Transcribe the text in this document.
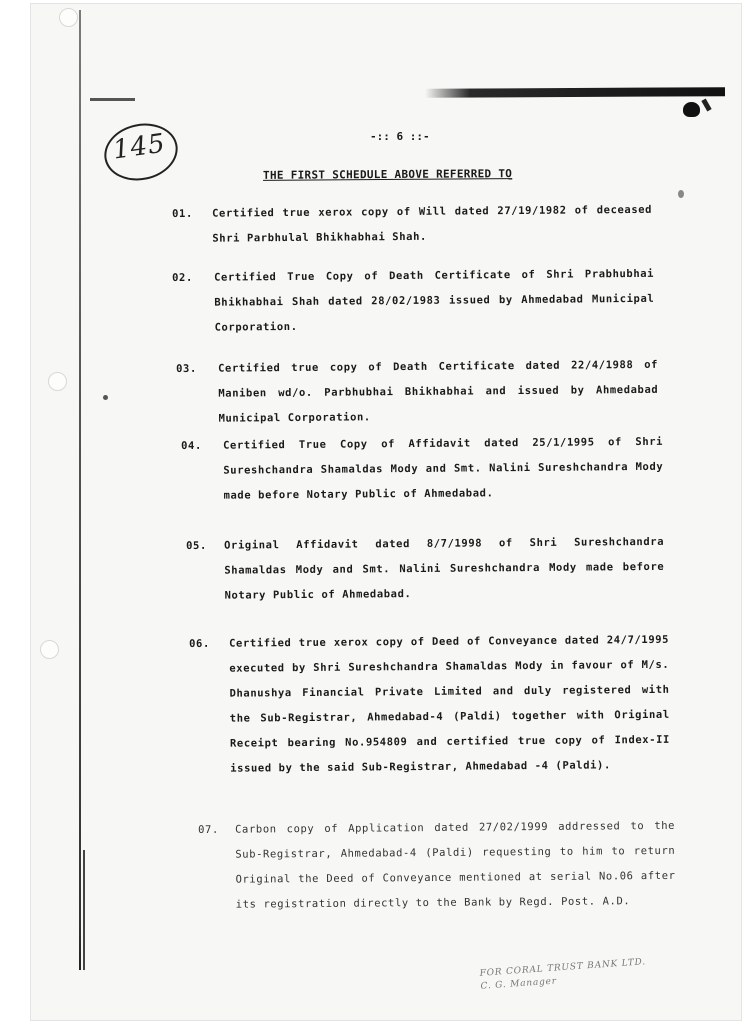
145	-:: 6 ::-
THE FIRST SCHEDULE ABOVE REFERRED TO
01. Certified true xerox copy of Will dated 27/19/1982 of deceased Shri Parbhulal Bhikhabhai Shah.
02. Certified True Copy of Death Certificate of Shri Prabhubhai Bhikhabhai Shah dated 28/02/1983 issued by Ahmedabad Municipal Corporation.
03. Certified true copy of Death Certificate dated 22/4/1988 of Maniben wd/o. Parbhubhai Bhikhabhai and issued by Ahmedabad Municipal Corporation.
04. Certified True Copy of Affidavit dated 25/1/1995 of Shri Sureshchandra Shamaldas Mody and Smt. Nalini Sureshchandra Mody made before Notary Public of Ahmedabad.
05. Original Affidavit dated 8/7/1998 of Shri Sureshchandra Shamaldas Mody and Smt. Nalini Sureshchandra Mody made before Notary Public of Ahmedabad.
06. Certified true xerox copy of Deed of Conveyance dated 24/7/1995 executed by Shri Sureshchandra Shamaldas Mody in favour of M/s. Dhanushya Financial Private Limited and duly registered with the Sub-Registrar, Ahmedabad-4 (Paldi) together with Original Receipt bearing No.954809 and certified true copy of Index-II issued by the said Sub-Registrar, Ahmedabad -4 (Paldi).
07. Carbon copy of Application dated 27/02/1999 addressed to the Sub-Registrar, Ahmedabad-4 (Paldi) requesting to him to return Original the Deed of Conveyance mentioned at serial No.06 after its registration directly to the Bank by Regd. Post. A.D.
FOR CORAL TRUST BANK LTD.
C. G. Manager
